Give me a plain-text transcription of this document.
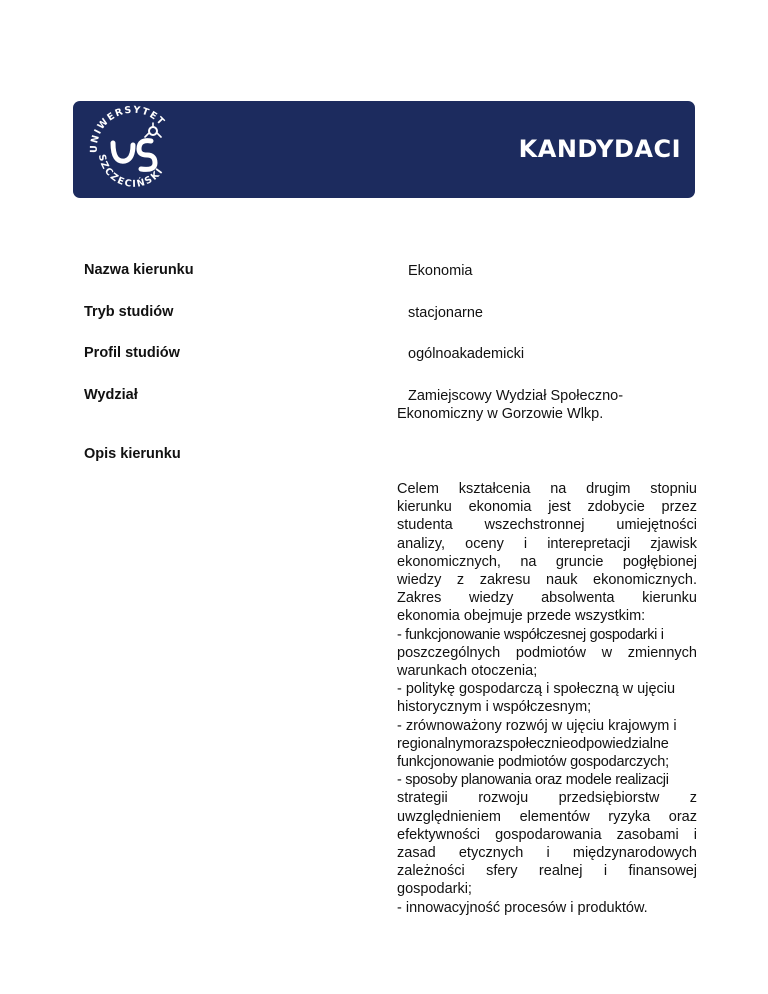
UNIWERSYTET
SZCZECIŃSKI
KANDYDACI
Nazwa kierunku	Ekonomia
Tryb studiów	stacjonarne
Profil studiów	ogólnoakademicki
Wydział	Zamiejscowy Wydział Społeczno-
Ekonomiczny w Gorzowie Wlkp.
Opis kierunku
Celem kształcenia na drugim stopniu
kierunku ekonomia jest zdobycie przez
studenta wszechstronnej umiejętności
analizy, oceny i interepretacji zjawisk
ekonomicznych, na gruncie pogłębionej
wiedzy z zakresu nauk ekonomicznych.
Zakres wiedzy absolwenta kierunku
ekonomia obejmuje przede wszystkim:
- funkcjonowanie współczesnej gospodarki i
poszczególnych podmiotów w zmiennych
warunkach otoczenia;
- politykę gospodarczą i społeczną w ujęciu
historycznym i współczesnym;
- zrównoważony rozwój w ujęciu krajowym i
regionalnymorazspołecznieodpowiedzialne
funkcjonowanie podmiotów gospodarczych;
- sposoby planowania oraz modele realizacji
strategii rozwoju przedsiębiorstw z
uwzględnieniem elementów ryzyka oraz
efektywności gospodarowania zasobami i
zasad etycznych i międzynarodowych
zależności sfery realnej i finansowej
gospodarki;
- innowacyjność procesów i produktów.
